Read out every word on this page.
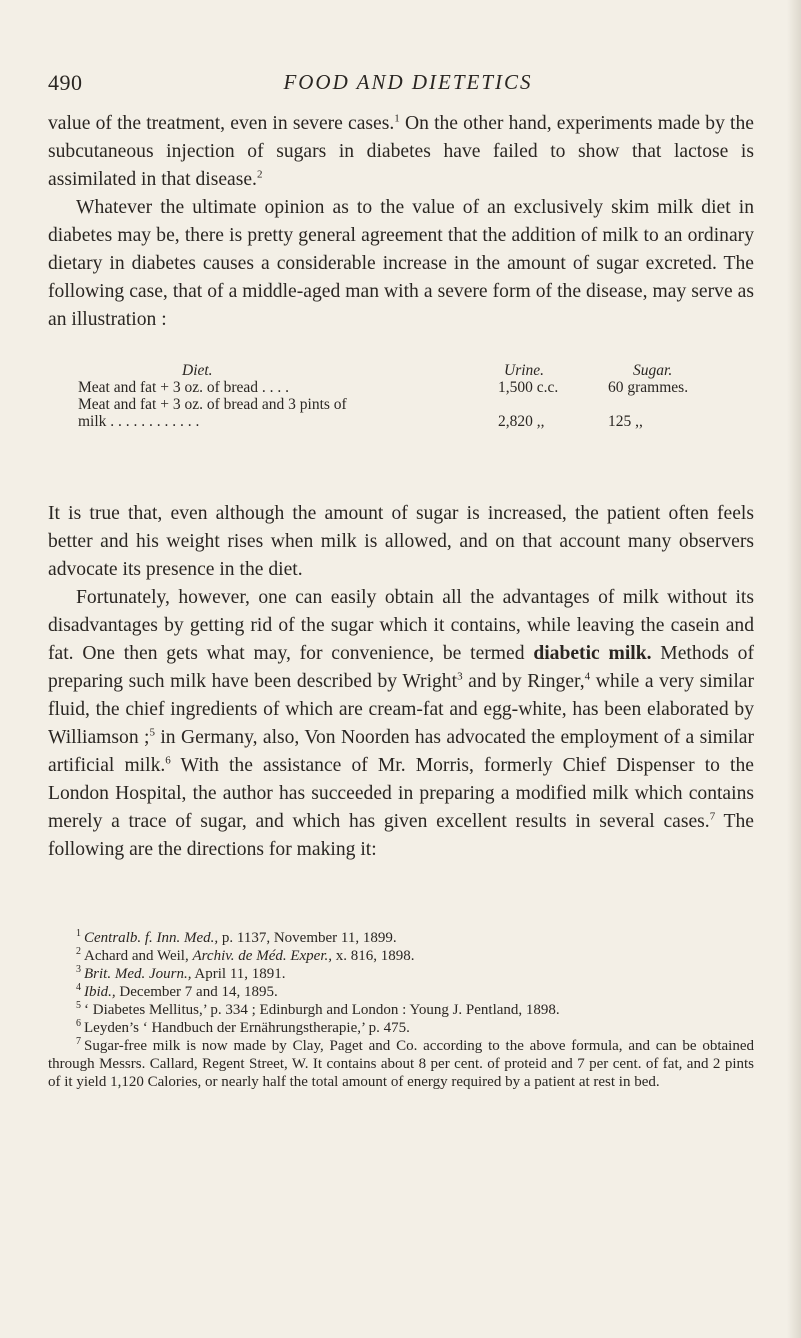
490	FOOD AND DIETETICS

value of the treatment, even in severe cases.$^1$ On the other hand, experiments made by the subcutaneous injection of sugars in diabetes have failed to show that lactose is assimilated in that disease.$^2$

Whatever the ultimate opinion as to the value of an exclusively skim milk diet in diabetes may be, there is pretty general agreement that the addition of milk to an ordinary dietary in diabetes causes a considerable increase in the amount of sugar excreted. The following case, that of a middle-aged man with a severe form of the disease, may serve as an illustration :

Diet.	Urine.	Sugar.
Meat and fat + 3 oz. of bread . . . .	1,500 c.c.	60 grammes.
Meat and fat + 3 oz. of bread and 3 pints of
milk . . . . . . . . . . . .	2,820 ,,	125 ,,

It is true that, even although the amount of sugar is increased, the patient often feels better and his weight rises when milk is allowed, and on that account many observers advocate its presence in the diet.

Fortunately, however, one can easily obtain all the advantages of milk without its disadvantages by getting rid of the sugar which it contains, while leaving the casein and fat. One then gets what may, for convenience, be termed diabetic milk. Methods of preparing such milk have been described by Wright$^3$ and by Ringer,$^4$ while a very similar fluid, the chief ingredients of which are cream-fat and egg-white, has been elaborated by Williamson ;$^5$ in Germany, also, Von Noorden has advocated the employment of a similar artificial milk.$^6$ With the assistance of Mr. Morris, formerly Chief Dispenser to the London Hospital, the author has succeeded in preparing a modified milk which contains merely a trace of sugar, and which has given excellent results in several cases.$^7$ The following are the directions for making it:

$^1$ Centralb. f. Inn. Med., p. 1137, November 11, 1899.

$^2$ Achard and Weil, Archiv. de Méd. Exper., x. 816, 1898.

$^3$ Brit. Med. Journ., April 11, 1891.

$^4$ Ibid., December 7 and 14, 1895.

$^5$ ‘ Diabetes Mellitus,’ p. 334 ; Edinburgh and London : Young J. Pentland, 1898.

$^6$ Leyden’s ‘ Handbuch der Ernährungstherapie,’ p. 475.

$^7$ Sugar-free milk is now made by Clay, Paget and Co. according to the above formula, and can be obtained through Messrs. Callard, Regent Street, W. It contains about 8 per cent. of proteid and 7 per cent. of fat, and 2 pints of it yield 1,120 Calories, or nearly half the total amount of energy required by a patient at rest in bed.
